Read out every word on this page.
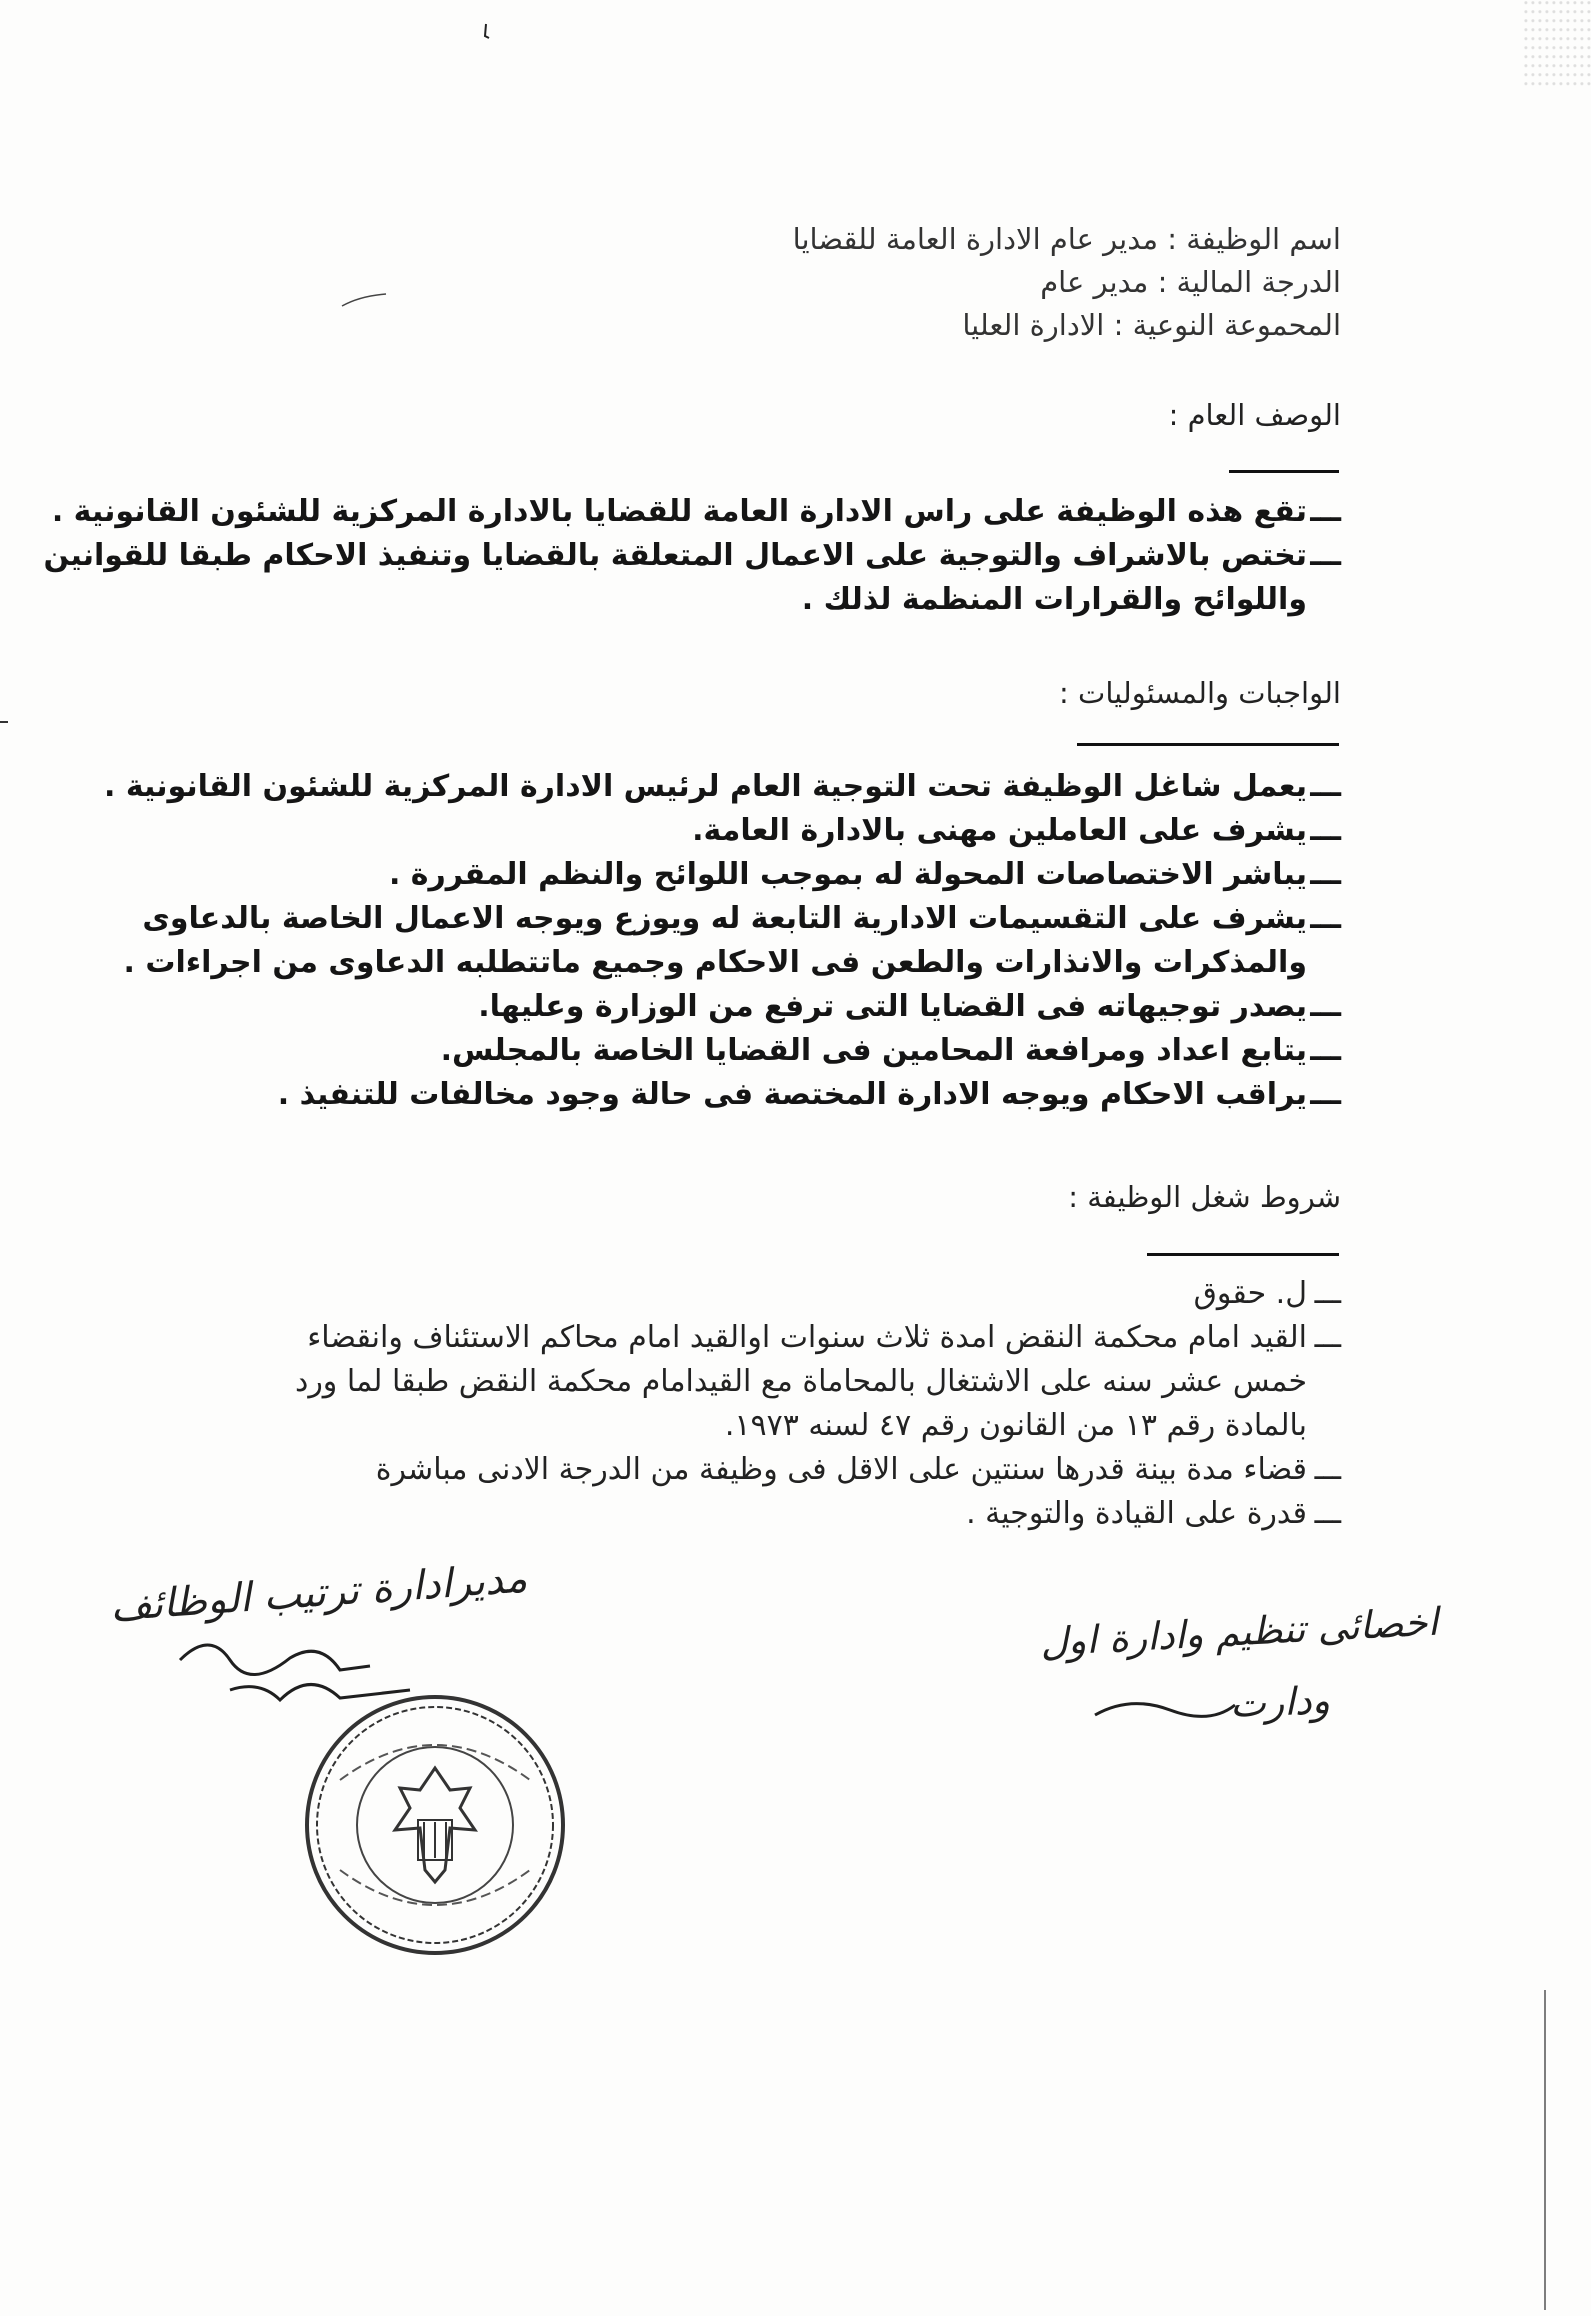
اسم الوظيفة : مدير عام الادارة العامة للقضايا
الدرجة المالية : مدير عام
المحموعة النوعية : الادارة العليا
الوصف العام :
ـــتقع هذه الوظيفة على راس الادارة العامة للقضايا بالادارة المركزية للشئون القانونية .
ـــتختص بالاشراف والتوجية على الاعمال المتعلقة بالقضايا وتنفيذ الاحكام طبقا للقوانين
واللوائح والقرارات المنظمة لذلك .
الواجبات والمسئوليات :
ـــيعمل شاغل الوظيفة تحت التوجية العام لرئيس الادارة المركزية للشئون القانونية .
ـــيشرف على العاملين مهنى بالادارة العامة.
ـــيباشر الاختصاصات المحولة له بموجب اللوائح والنظم المقررة .
ـــيشرف على التقسيمات الادارية التابعة له ويوزع ويوجه الاعمال الخاصة بالدعاوى
والمذكرات والانذارات والطعن فى الاحكام وجميع ماتتطلبه الدعاوى من اجراءات .
ـــيصدر توجيهاته فى القضايا التى ترفع من الوزارة وعليها.
ـــيتابع اعداد ومرافعة المحامين فى القضايا الخاصة بالمجلس.
ـــيراقب الاحكام ويوجه الادارة المختصة فى حالة وجود مخالفات للتنفيذ .
شروط شغل الوظيفة :
ـــل. حقوق
ـــالقيد امام محكمة النقض امدة ثلاث سنوات اوالقيد امام محاكم الاستئناف وانقضاء
خمس عشر سنه على الاشتغال بالمحاماة مع القيدامام محكمة النقض طبقا لما ورد
بالمادة رقم ١٣ من القانون رقم ٤٧ لسنه ١٩٧٣.
ـــقضاء مدة بينة قدرها سنتين على الاقل فى وظيفة من الدرجة الادنى مباشرة
ـــقدرة على القيادة والتوجية .
مديرادارة ترتيب الوظائف
اخصائى تنظيم وادارة اول
ودارت
